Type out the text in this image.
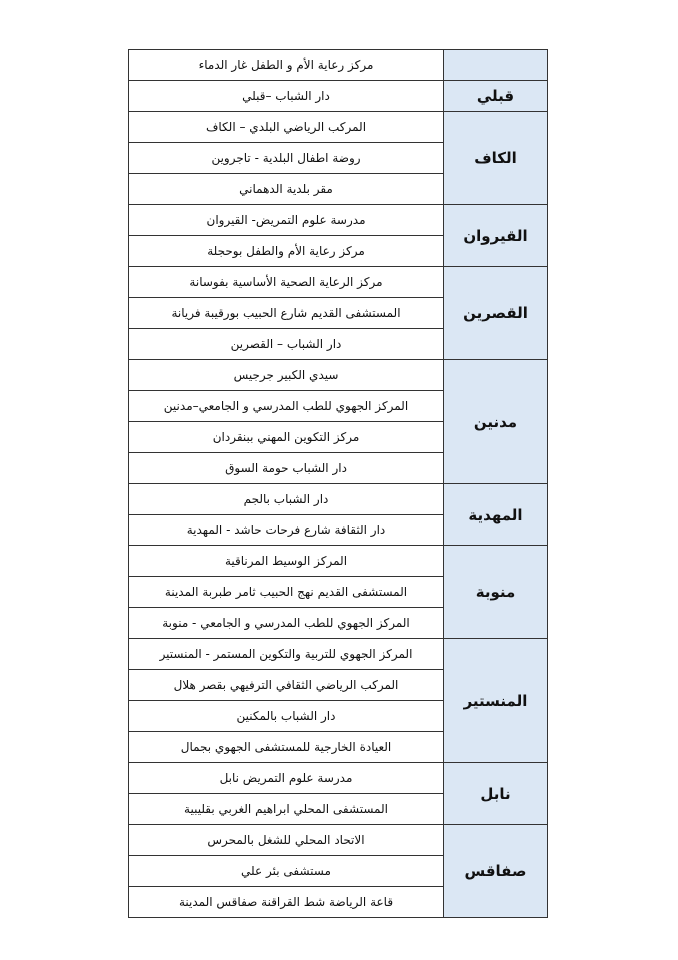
مركز رعاية الأم و الطفل غار الدماء	
دار الشباب –قبلي	قبلي
المركب الرياضي البلدي – الكاف	الكاف
روضة اطفال البلدية - تاجروين	
مقر بلدية الدهماني	
مدرسة علوم التمريض- القيروان	القيروان
مركز رعاية الأم والطفل بوحجلة	
مركز الرعاية الصحية الأساسية بفوسانة	القصرين
المستشفى القديم شارع الحبيب بورقيبة فريانة	
دار الشباب – القصرين	
سيدي الكبير جرجيس	مدنين
المركز الجهوي للطب المدرسي و الجامعي–مدنين	
مركز التكوين المهني ببنقردان	
دار الشباب حومة السوق	
دار الشباب بالجم	المهدية
دار الثقافة شارع فرحات حاشد - المهدية	
المركز الوسيط المرناقية	منوبة
المستشفى القديم نهج الحبيب ثامر طبربة المدينة	
المركز الجهوي للطب المدرسي و الجامعي - منوبة	
المركز الجهوي للتربية والتكوين المستمر - المنستير	المنستير
المركب الرياضي الثقافي الترفيهي بقصر هلال	
دار الشباب بالمكنين	
العيادة الخارجية للمستشفى الجهوي بجمال	
مدرسة علوم التمريض نابل	نابل
المستشفى المحلي ابراهيم الغربي بقليبية	
الاتحاد المحلي للشغل بالمحرس	صفاقس
مستشفى بئر علي	
قاعة الرياضة شط القراقنة صفاقس المدينة	
